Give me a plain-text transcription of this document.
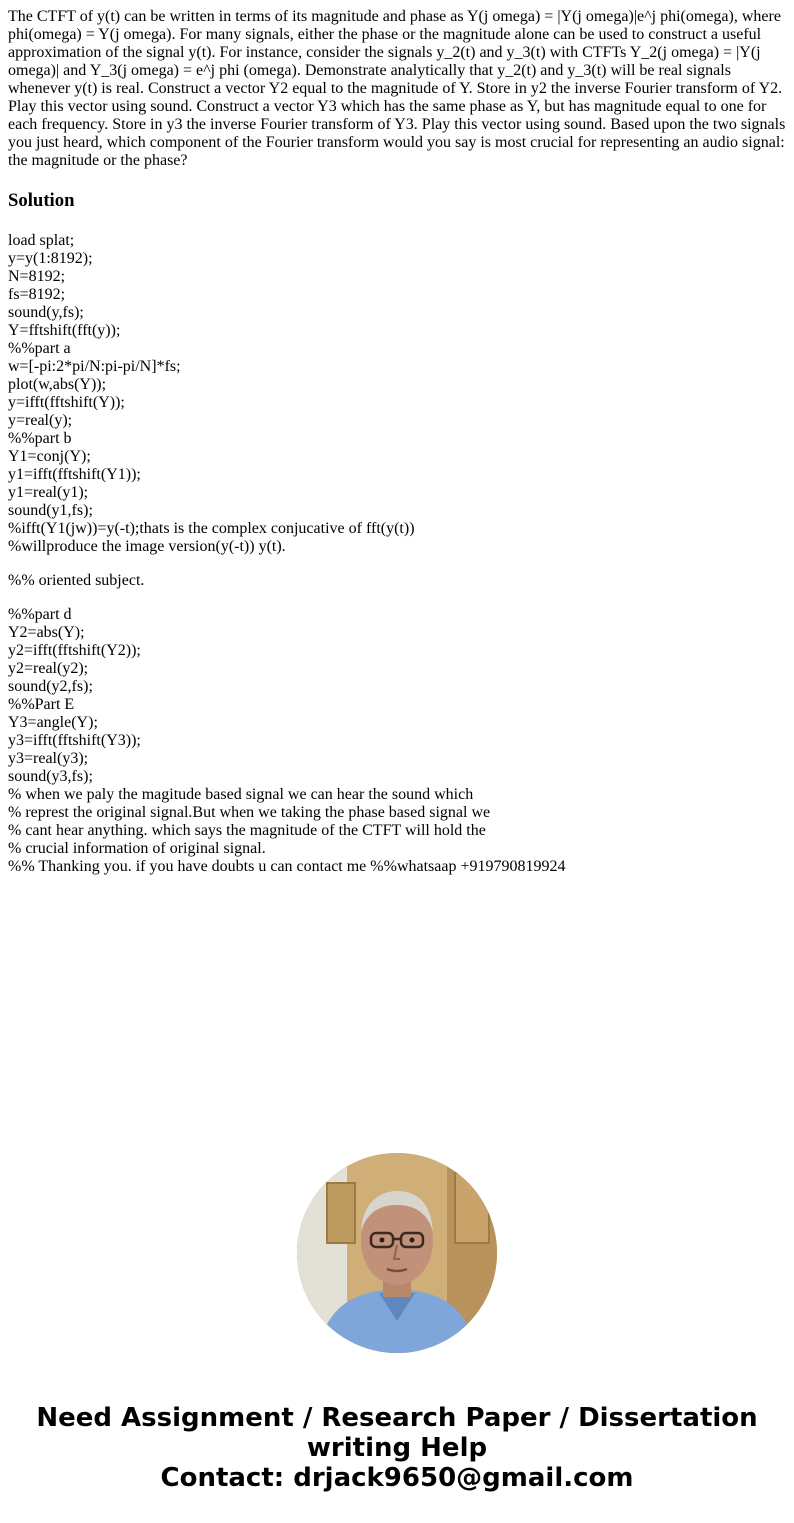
The CTFT of y(t) can be written in terms of its magnitude and phase as Y(j omega) = |Y(j omega)|e^j phi(omega), where phi(omega) = Y(j omega). For many signals, either the phase or the magnitude alone can be used to construct a useful approximation of the signal y(t). For instance, consider the signals y_2(t) and y_3(t) with CTFTs Y_2(j omega) = |Y(j omega)| and Y_3(j omega) = e^j phi (omega). Demonstrate analytically that y_2(t) and y_3(t) will be real signals whenever y(t) is real. Construct a vector Y2 equal to the magnitude of Y. Store in y2 the inverse Fourier transform of Y2. Play this vector using sound. Construct a vector Y3 which has the same phase as Y, but has magnitude equal to one for each frequency. Store in y3 the inverse Fourier transform of Y3. Play this vector using sound. Based upon the two signals you just heard, which component of the Fourier transform would you say is most crucial for representing an audio signal: the magnitude or the phase?

Solution
load splat;
y=y(1:8192);
N=8192;
fs=8192;
sound(y,fs);
Y=fftshift(fft(y));
%%part a
w=[-pi:2*pi/N:pi-pi/N]*fs;
plot(w,abs(Y));
y=ifft(fftshift(Y));
y=real(y);
%%part b
Y1=conj(Y);
y1=ifft(fftshift(Y1));
y1=real(y1);
sound(y1,fs);
%ifft(Y1(jw))=y(-t);thats is the complex conjucative of fft(y(t))
%willproduce the image version(y(-t)) y(t).
%% oriented subject.
%%part d
Y2=abs(Y);
y2=ifft(fftshift(Y2));
y2=real(y2);
sound(y2,fs);
%%Part E
Y3=angle(Y);
y3=ifft(fftshift(Y3));
y3=real(y3);
sound(y3,fs);
% when we paly the magitude based signal we can hear the sound which
% represt the original signal.But when we taking the phase based signal we
% cant hear anything. which says the magnitude of the CTFT will hold the
% crucial information of original signal.
%% Thanking you. if you have doubts u can contact me %%whatsaap +919790819924
Need Assignment / Research Paper / Dissertation
writing Help
Contact: drjack9650@gmail.com
